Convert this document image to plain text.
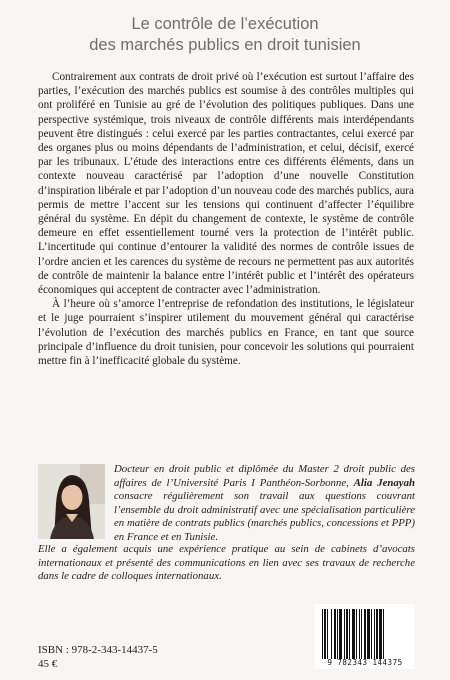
Le contrôle de l’exécution
des marchés publics en droit tunisien

Contrairement aux contrats de droit privé où l’exécution est surtout l’affaire des parties, l’exécution des marchés publics est soumise à des contrôles multiples qui ont proliféré en Tunisie au gré de l’évolution des politiques publiques. Dans une perspective systémique, trois niveaux de contrôle différents mais interdépendants peuvent être distingués : celui exercé par les parties contractantes, celui exercé par des organes plus ou moins dépendants de l’administration, et celui, décisif, exercé par les tribunaux. L’étude des interactions entre ces différents éléments, dans un contexte nouveau caractérisé par l’adoption d’une nouvelle Constitution d’inspiration libérale et par l’adoption d’un nouveau code des marchés publics, aura permis de mettre l’accent sur les tensions qui continuent d’affecter l’équilibre général du système. En dépit du changement de contexte, le système de contrôle demeure en effet essentiellement tourné vers la protection de l’intérêt public. L’incertitude qui continue d’entourer la validité des normes de contrôle issues de l’ordre ancien et les carences du système de recours ne permettent pas aux autorités de contrôle de maintenir la balance entre l’intérêt public et l’intérêt des opérateurs économiques qui acceptent de contracter avec l’administration.

À l’heure où s’amorce l’entreprise de refondation des institutions, le législateur et le juge pourraient s’inspirer utilement du mouvement général qui caractérise l’évolution de l’exécution des marchés publics en France, en tant que source principale d’influence du droit tunisien, pour concevoir les solutions qui pourraient mettre fin à l’inefficacité globale du système.

Docteur en droit public et diplômée du Master 2 droit public des affaires de l’Université Paris I Panthéon-Sorbonne, Alia Jenayah consacre régulièrement son travail aux questions couvrant l’ensemble du droit administratif avec une spécialisation particulière en matière de contrats publics (marchés publics, concessions et PPP) en France et en Tunisie.

Elle a également acquis une expérience pratique au sein de cabinets d’avocats internationaux et présenté des communications en lien avec ses travaux de recherche dans le cadre de colloques internationaux.

ISBN : 978-2-343-14437-5
45 €	9 782343 144375
